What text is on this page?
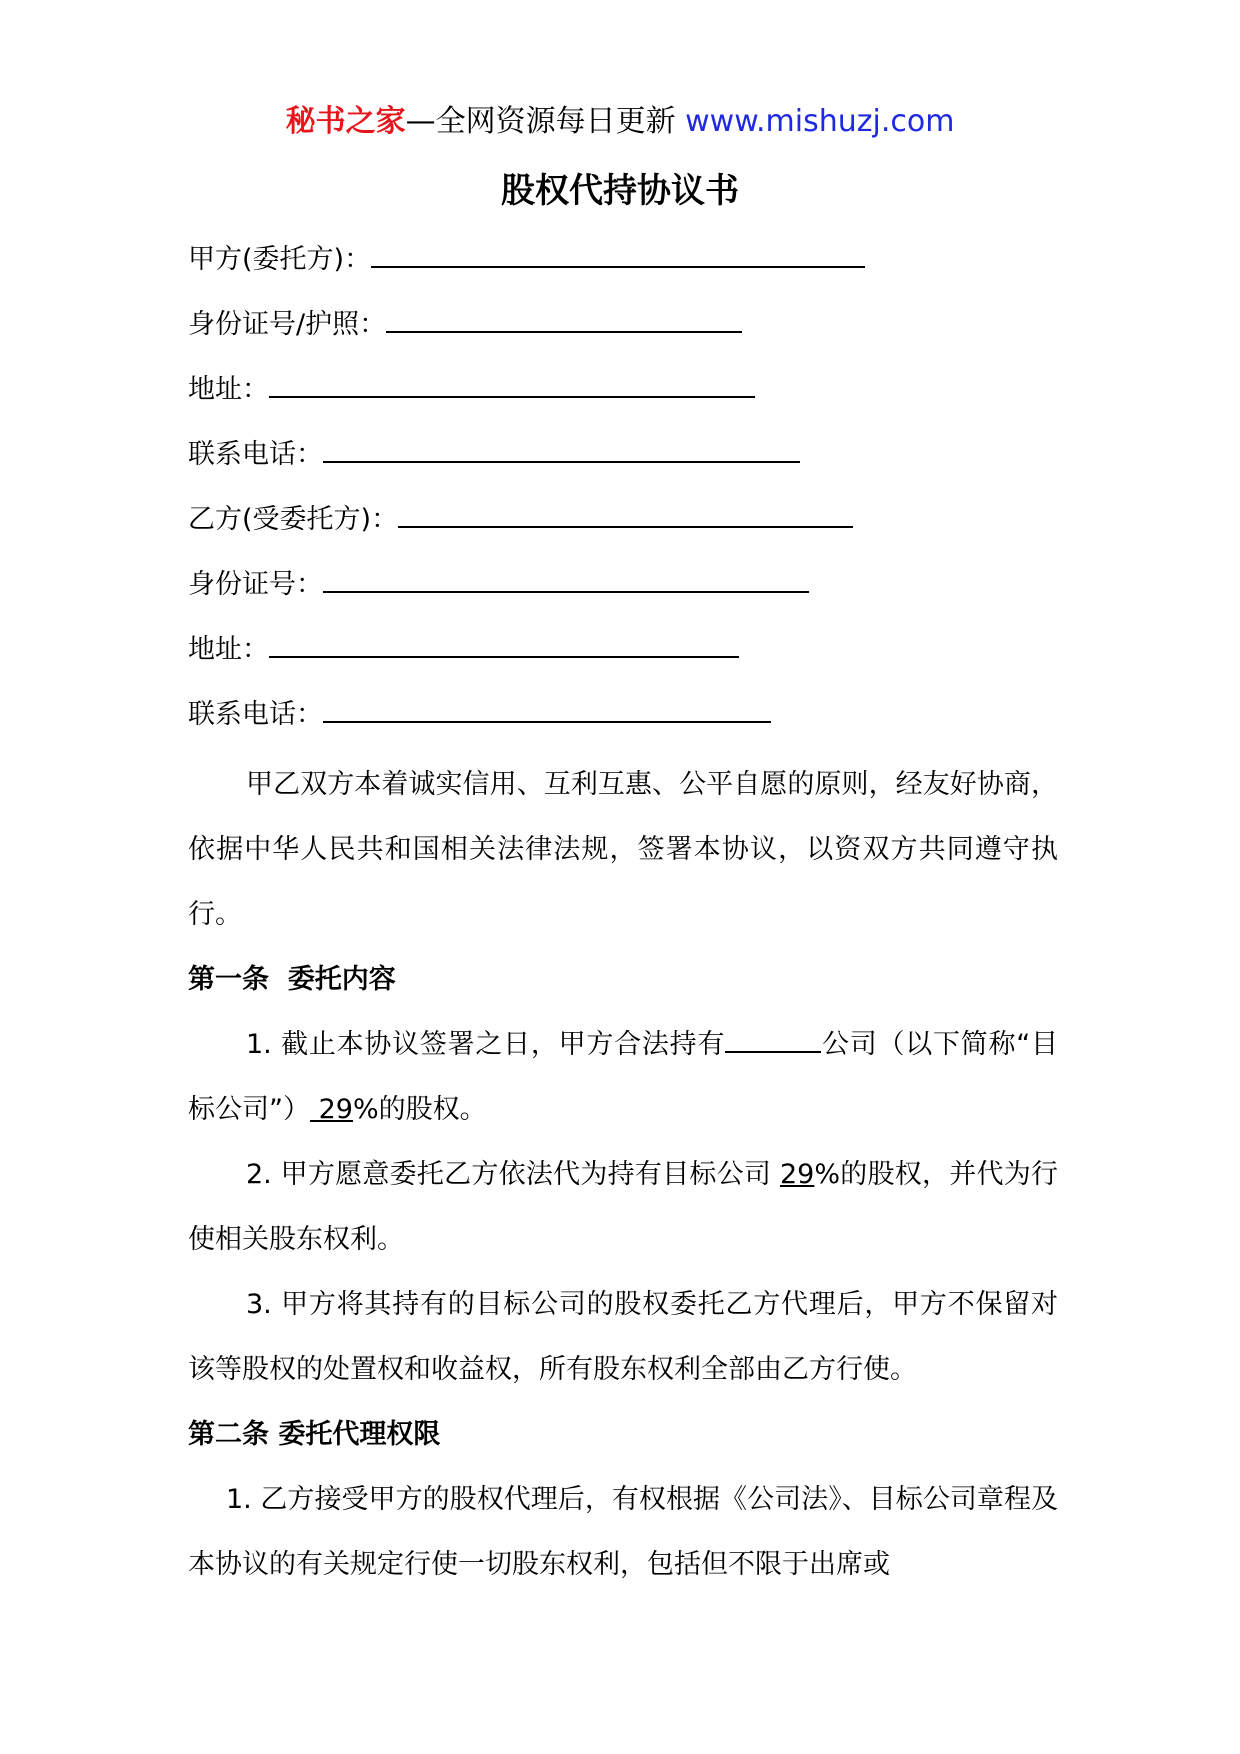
秘书之家—全网资源每日更新 www.mishuzj.com
股权代持协议书
甲方(委托方)：
身份证号/护照：
地址：
联系电话：
乙方(受委托方)：
身份证号：
地址：
联系电话：

甲乙双方本着诚实信用、互利互惠、公平自愿的原则，经友好协商，依据中华人民共和国相关法律法规，签署本协议，以资双方共同遵守执行。

第一条  委托内容

1. 截止本协议签署之日，甲方合法持有	公司（以下简称“目标公司”） 29%的股权。

2. 甲方愿意委托乙方依法代为持有目标公司 29%的股权，并代为行使相关股东权利。

3. 甲方将其持有的目标公司的股权委托乙方代理后，甲方不保留对该等股权的处置权和收益权，所有股东权利全部由乙方行使。

第二条 委托代理权限

1. 乙方接受甲方的股权代理后，有权根据《公司法》、目标公司章程及本协议的有关规定行使一切股东权利，包括但不限于出席或
